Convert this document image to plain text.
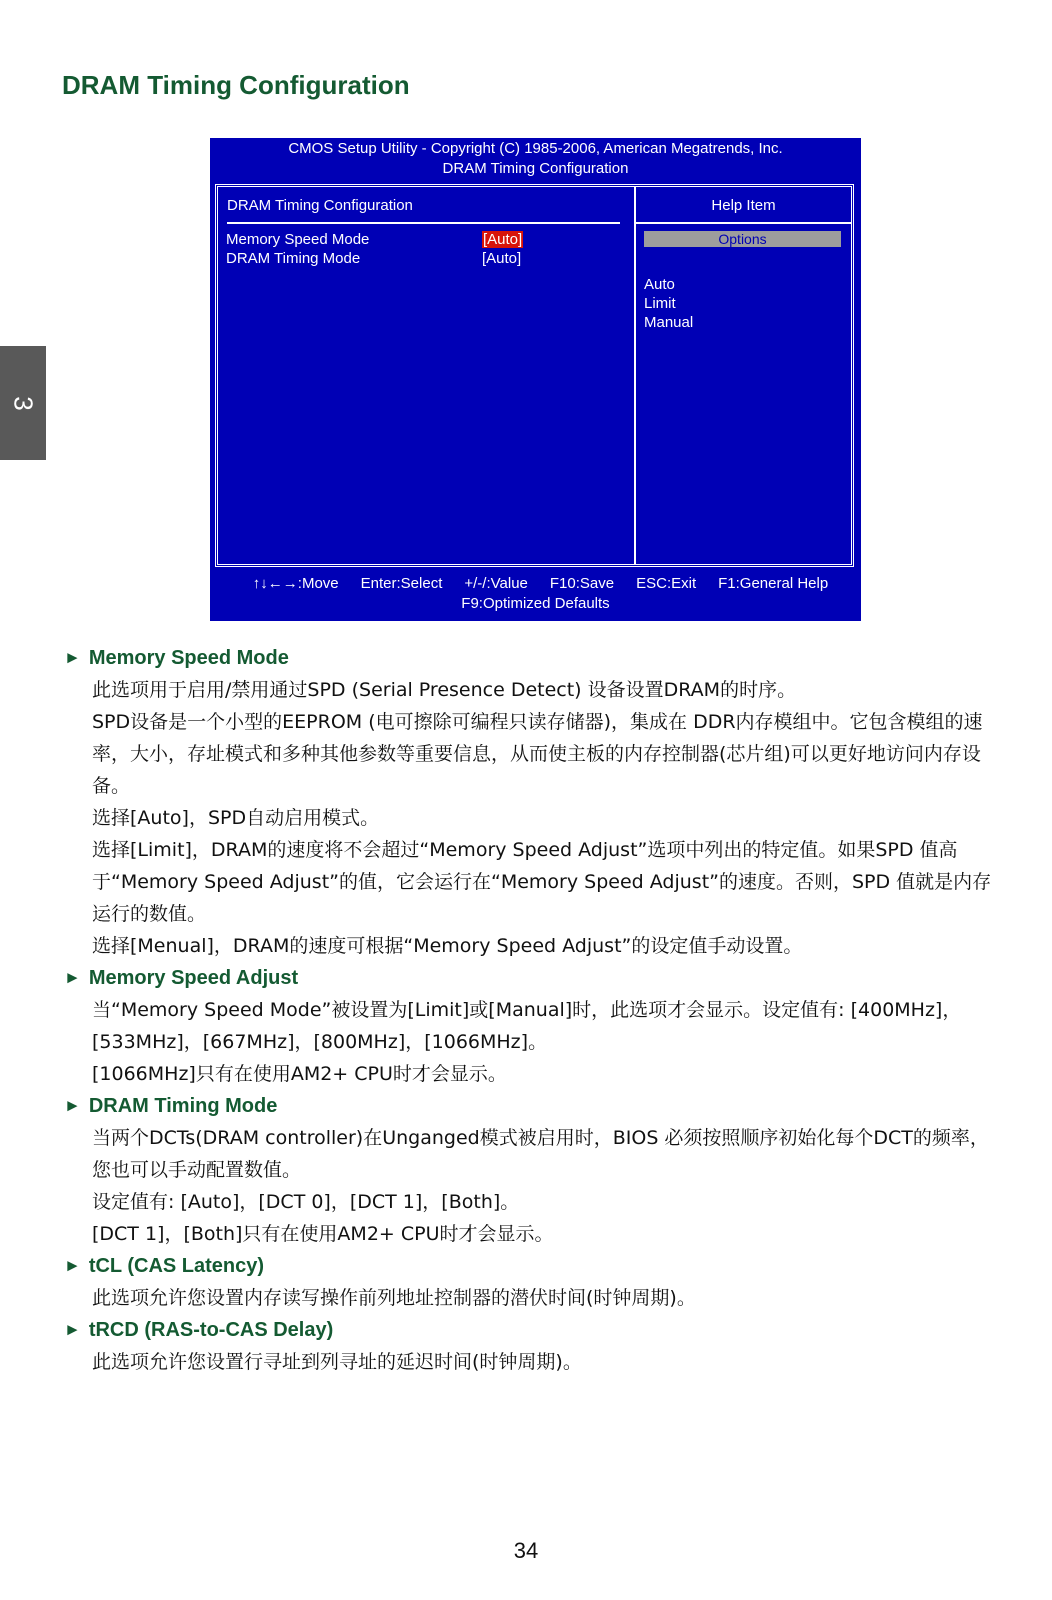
DRAM Timing Configuration
3
CMOS Setup Utility - Copyright (C) 1985-2006, American Megatrends, Inc.
DRAM Timing Configuration
DRAM Timing Configuration
Memory Speed Mode	[Auto]
DRAM Timing Mode	[Auto]
Help Item
Options
Auto
Limit
Manual
↑↓←→:Move Enter:Select +/-/:Value F10:Save ESC:Exit F1:General Help
F9:Optimized Defaults
► Memory Speed Mode
此选项用于启用/禁用通过SPD (Serial Presence Detect) 设备设置DRAM的时序。
SPD设备是一个小型的EEPROM (电可擦除可编程只读存储器)，集成在 DDR内存模组中。它包含模组的速率，大小，存址模式和多种其他参数等重要信息，从而使主板的内存控制器(芯片组)可以更好地访问内存设备。
选择[Auto]，SPD自动启用模式。
选择[Limit]，DRAM的速度将不会超过“Memory Speed Adjust”选项中列出的特定值。如果SPD 值高于“Memory Speed Adjust”的值，它会运行在“Memory Speed Adjust”的速度。否则，SPD 值就是内存运行的数值。
选择[Menual]，DRAM的速度可根据“Memory Speed Adjust”的设定值手动设置。
► Memory Speed Adjust
当“Memory Speed Mode”被设置为[Limit]或[Manual]时，此选项才会显示。设定值有: [400MHz]，[533MHz]，[667MHz]，[800MHz]，[1066MHz]。
[1066MHz]只有在使用AM2+ CPU时才会显示。
► DRAM Timing Mode
当两个DCTs(DRAM controller)在Unganged模式被启用时，BIOS 必须按照顺序初始化每个DCT的频率，您也可以手动配置数值。
设定值有: [Auto]，[DCT 0]，[DCT 1]，[Both]。
[DCT 1]，[Both]只有在使用AM2+ CPU时才会显示。
► tCL (CAS Latency)
此选项允许您设置内存读写操作前列地址控制器的潜伏时间(时钟周期)。
► tRCD (RAS-to-CAS Delay)
此选项允许您设置行寻址到列寻址的延迟时间(时钟周期)。
34
